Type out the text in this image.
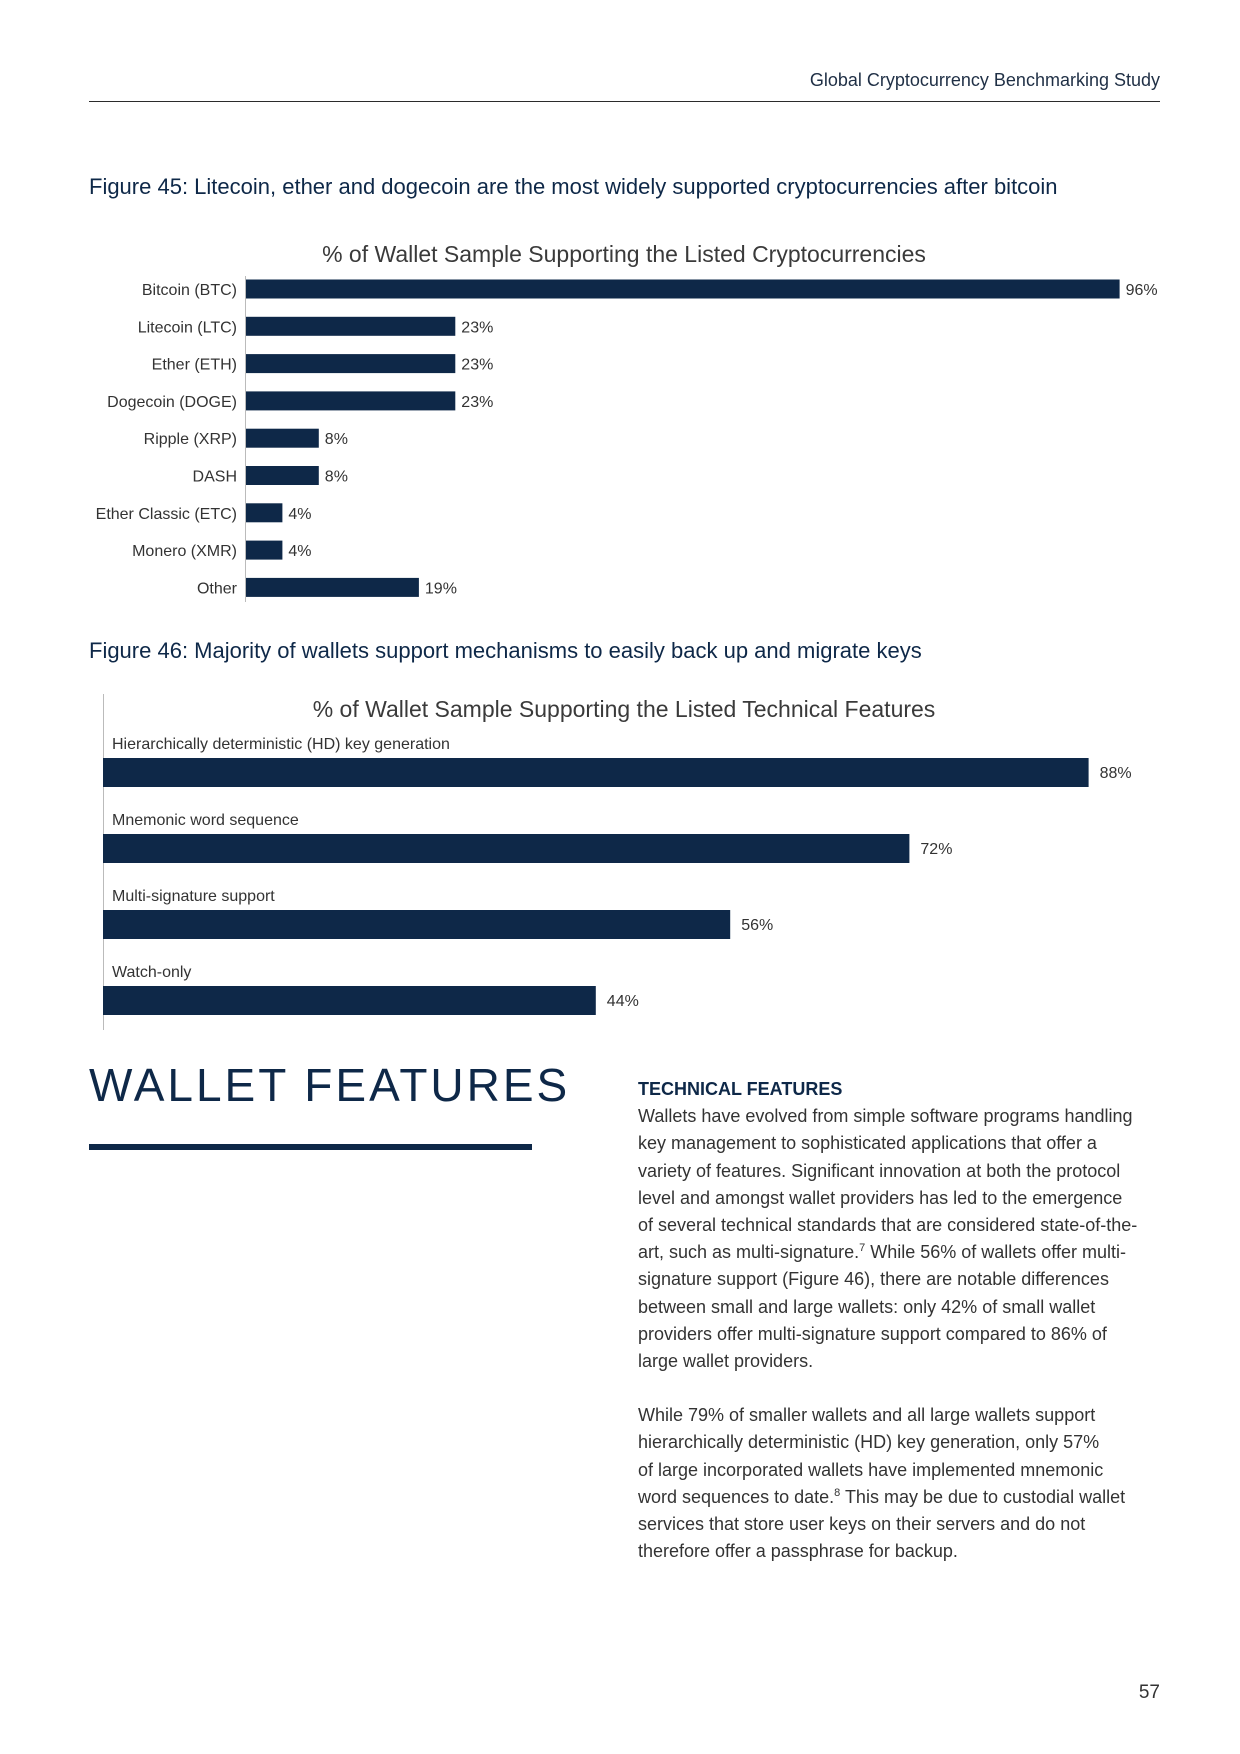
Global Cryptocurrency Benchmarking Study
Figure 45: Litecoin, ether and dogecoin are the most widely supported cryptocurrencies after bitcoin
% of Wallet Sample Supporting the Listed Cryptocurrencies
Bitcoin (BTC)	96%
Litecoin (LTC)	23%
Ether (ETH)	23%
Dogecoin (DOGE)	23%
Ripple (XRP)	8%
DASH	8%
Ether Classic (ETC)	4%
Monero (XMR)	4%
Other	19%
Figure 46: Majority of wallets support mechanisms to easily back up and migrate keys
% of Wallet Sample Supporting the Listed Technical Features
Hierarchically deterministic (HD) key generation
88%
Mnemonic word sequence
72%
Multi-signature support
56%
Watch-only
44%
WALLET FEATURES	TECHNICAL FEATURES

Wallets have evolved from simple software programs handling
key management to sophisticated applications that offer a
variety of features. Significant innovation at both the protocol
level and amongst wallet providers has led to the emergence
of several technical standards that are considered state-of-the-
art, such as multi-signature.$^7$ While 56% of wallets offer multi-
signature support (Figure 46), there are notable differences
between small and large wallets: only 42% of small wallet
providers offer multi-signature support compared to 86% of
large wallet providers.

While 79% of smaller wallets and all large wallets support
hierarchically deterministic (HD) key generation, only 57%
of large incorporated wallets have implemented mnemonic
word sequences to date.$^8$ This may be due to custodial wallet
services that store user keys on their servers and do not
therefore offer a passphrase for backup.

57
